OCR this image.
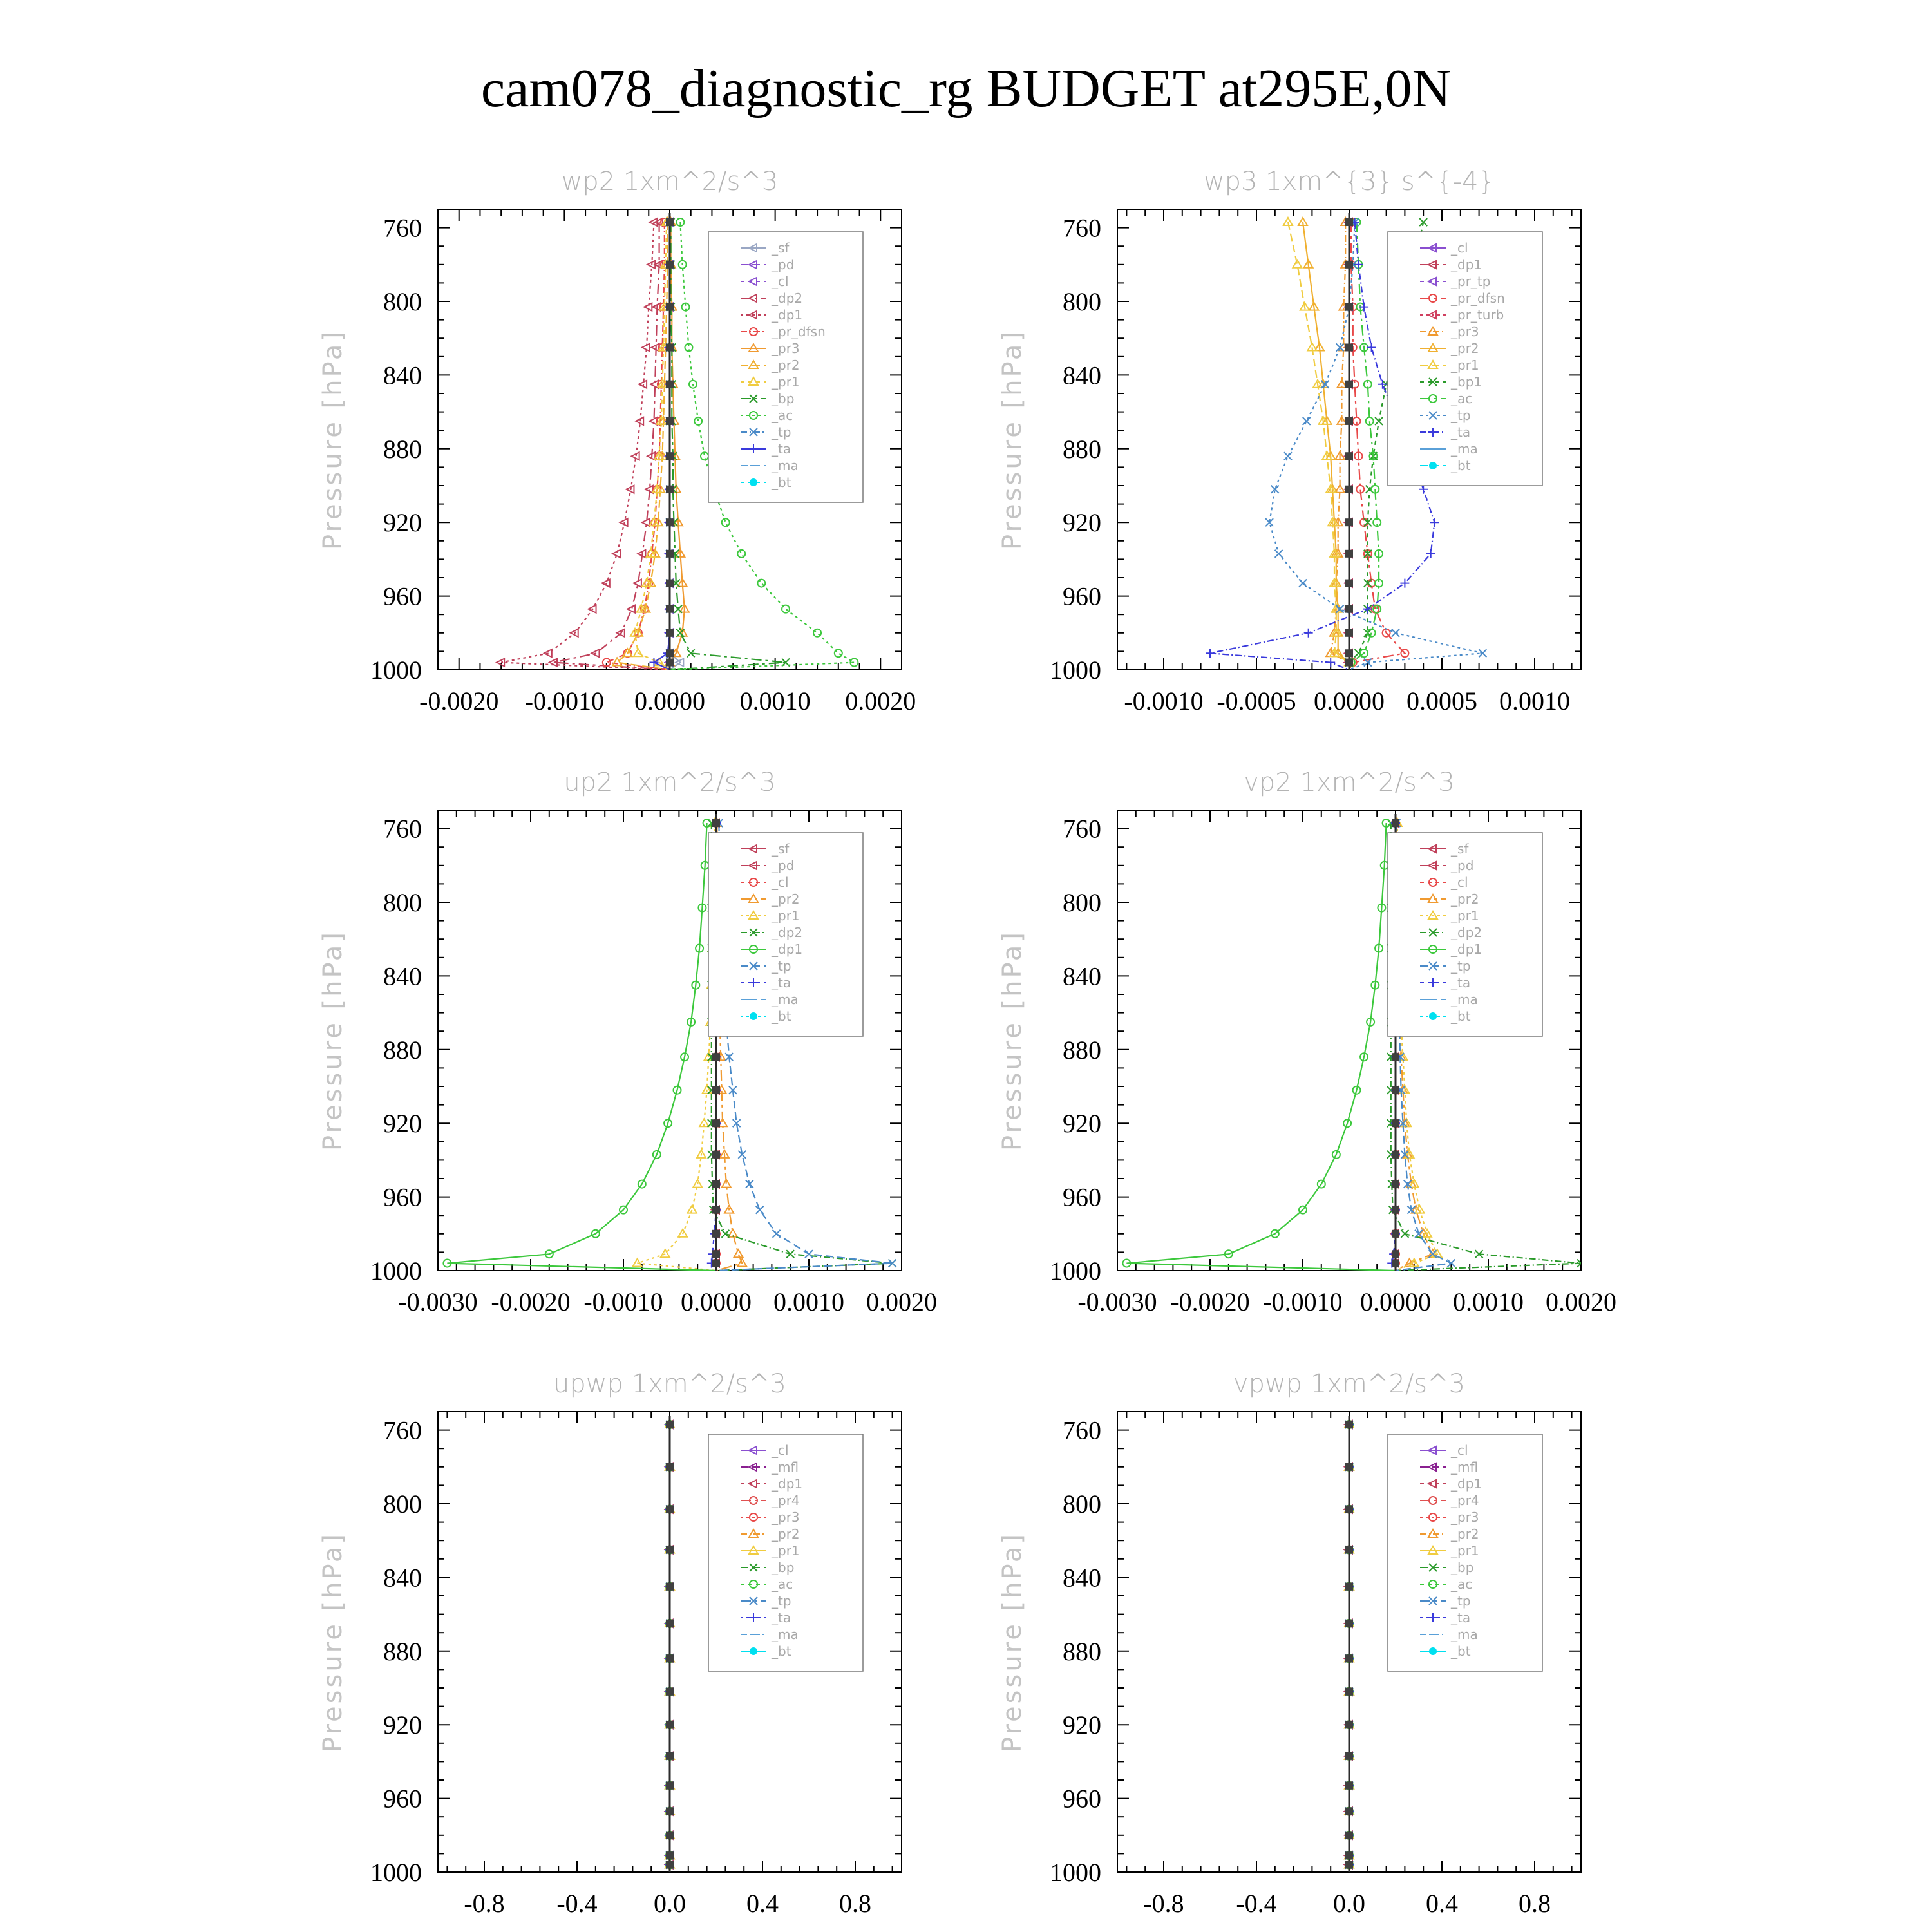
cam078_diagnostic_rg BUDGET at295E,0N
wp2 1xm^2/s^3
Pressure [hPa]
760
800
840
880
920
960
1000
-0.0020 -0.0010 0.0000 0.0010 0.0020
_sf
_pd
_cl
_dp2
_dp1
_pr_dfsn
_pr3
_pr2
_pr1
_bp
_ac
_tp
_ta
_ma
_bt
wp3 1xm^{3} s^{-4}
Pressure [hPa]
760
800
840
880
920
960
1000
-0.0010 -0.0005 0.0000 0.0005 0.0010
_cl
_dp1
_pr_tp
_pr_dfsn
_pr_turb
_pr3
_pr2
_pr1
_bp1
_ac
_tp
_ta
_ma
_bt
up2 1xm^2/s^3
Pressure [hPa]
760
800
840
880
920
960
1000
-0.0030 -0.0020 -0.0010 0.0000 0.0010 0.0020
_sf
_pd
_cl
_pr2
_pr1
_dp2
_dp1
_tp
_ta
_ma
_bt
vp2 1xm^2/s^3
Pressure [hPa]
760
800
840
880
920
960
1000
-0.0030 -0.0020 -0.0010 0.0000 0.0010 0.0020
_sf
_pd
_cl
_pr2
_pr1
_dp2
_dp1
_tp
_ta
_ma
_bt
upwp 1xm^2/s^3
Pressure [hPa]
760
800
840
880
920
960
1000
-0.8 -0.4 0.0 0.4 0.8
_cl
_mfl
_dp1
_pr4
_pr3
_pr2
_pr1
_bp
_ac
_tp
_ta
_ma
_bt
vpwp 1xm^2/s^3
Pressure [hPa]
760
800
840
880
920
960
1000
-0.8 -0.4 0.0 0.4 0.8
_cl
_mfl
_dp1
_pr4
_pr3
_pr2
_pr1
_bp
_ac
_tp
_ta
_ma
_bt
